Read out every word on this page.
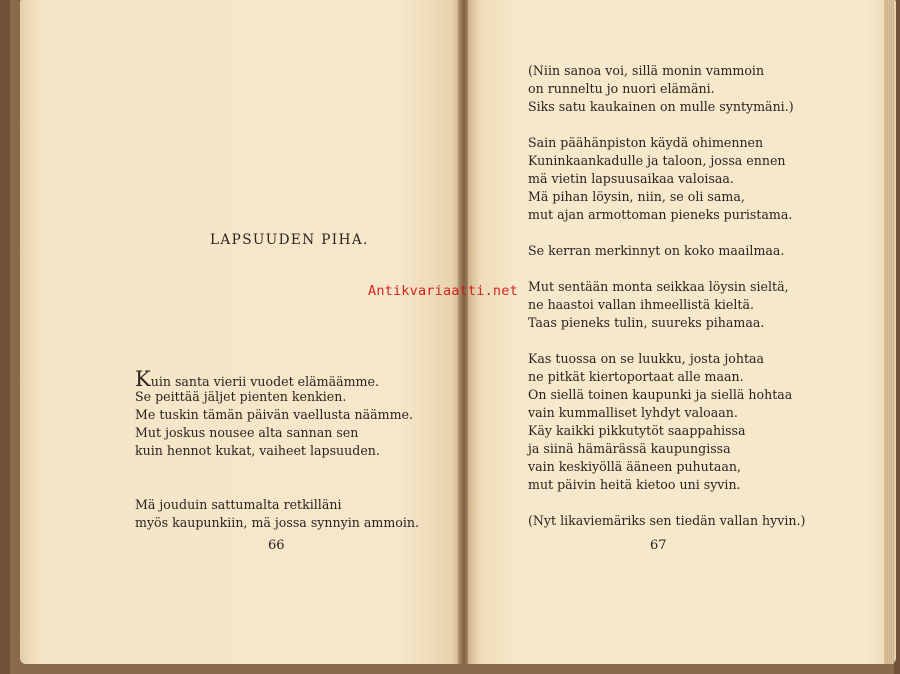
LAPSUUDEN PIHA.
Kuin santa vierii vuodet elämäämme.
Se peittää jäljet pienten kenkien.
Me tuskin tämän päivän vaellusta näämme.
Mut joskus nousee alta sannan sen
kuin hennot kukat, vaiheet lapsuuden.
Mä jouduin sattumalta retkilläni
myös kaupunkiin, mä jossa synnyin ammoin.
66
(Niin sanoa voi, sillä monin vammoin
on runneltu jo nuori elämäni.
Siks satu kaukainen on mulle syntymäni.)
Sain päähänpiston käydä ohimennen
Kuninkaankadulle ja taloon, jossa ennen
mä vietin lapsuusaikaa valoisaa.
Mä pihan löysin, niin, se oli sama,
mut ajan armottoman pieneks puristama.
Se kerran merkinnyt on koko maailmaa.
Mut sentään monta seikkaa löysin sieltä,
ne haastoi vallan ihmeellistä kieltä.
Taas pieneks tulin, suureks pihamaa.
Kas tuossa on se luukku, josta johtaa
ne pitkät kiertoportaat alle maan.
On siellä toinen kaupunki ja siellä hohtaa
vain kummalliset lyhdyt valoaan.
Käy kaikki pikkutytöt saappahissa
ja siinä hämärässä kaupungissa
vain keskiyöllä ääneen puhutaan,
mut päivin heitä kietoo uni syvin.
(Nyt likaviemäriks sen tiedän vallan hyvin.)
67
Antikvariaatti.net
